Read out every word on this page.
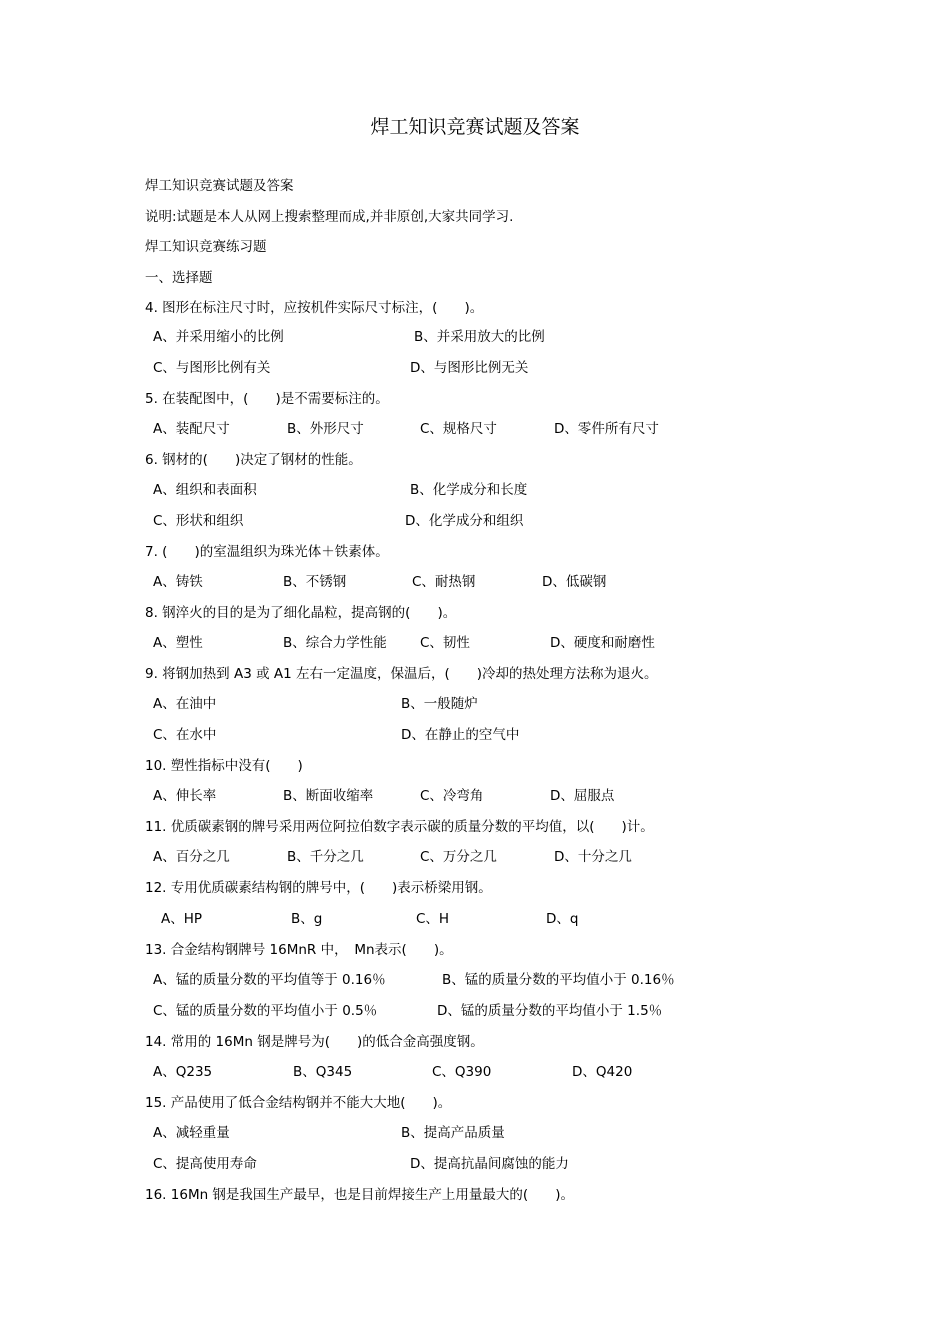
焊工知识竞赛试题及答案
焊工知识竞赛试题及答案
说明:试题是本人从网上搜索整理而成,并非原创,大家共同学习.
焊工知识竞赛练习题
一、选择题
4. 图形在标注尺寸时，应按机件实际尺寸标注，(　　)。
A、并采用缩小的比例	B、并采用放大的比例
C、与图形比例有关	D、与图形比例无关
5. 在装配图中，(　　)是不需要标注的。
A、装配尺寸	B、外形尺寸	C、规格尺寸	D、零件所有尺寸
6. 钢材的(　　)决定了钢材的性能。
A、组织和表面积	B、化学成分和长度
C、形状和组织	D、化学成分和组织
7. (　　)的室温组织为珠光体＋铁素体。
A、铸铁	B、不锈钢	C、耐热钢	D、低碳钢
8. 钢淬火的目的是为了细化晶粒，提高钢的(　　)。
A、塑性	B、综合力学性能 C、韧性	D、硬度和耐磨性
9. 将钢加热到 A3 或 A1 左右一定温度，保温后，(　　)冷却的热处理方法称为退火。
A、在油中	B、一般随炉
C、在水中	D、在静止的空气中
10. 塑性指标中没有(　　)
A、伸长率	B、断面收缩率	C、冷弯角	D、屈服点
11. 优质碳素钢的牌号采用两位阿拉伯数字表示碳的质量分数的平均值，以(　　)计。
A、百分之几	B、千分之几	C、万分之几	D、十分之几
12. 专用优质碳素结构钢的牌号中，(　　)表示桥梁用钢。
A、HP	B、g	C、H	D、q
13. 合金结构钢牌号 16MnR 中，　Mn表示(　　)。
A、锰的质量分数的平均值等于 0.16％	B、锰的质量分数的平均值小于 0.16％
C、锰的质量分数的平均值小于 0.5％	D、锰的质量分数的平均值小于 1.5％
14. 常用的 16Mn 钢是牌号为(　　)的低合金高强度钢。
A、Q235	B、Q345	C、Q390	D、Q420
15. 产品使用了低合金结构钢并不能大大地(　　)。
A、减轻重量	B、提高产品质量
C、提高使用寿命	D、提高抗晶间腐蚀的能力
16. 16Mn 钢是我国生产最早，也是目前焊接生产上用量最大的(　　)。
